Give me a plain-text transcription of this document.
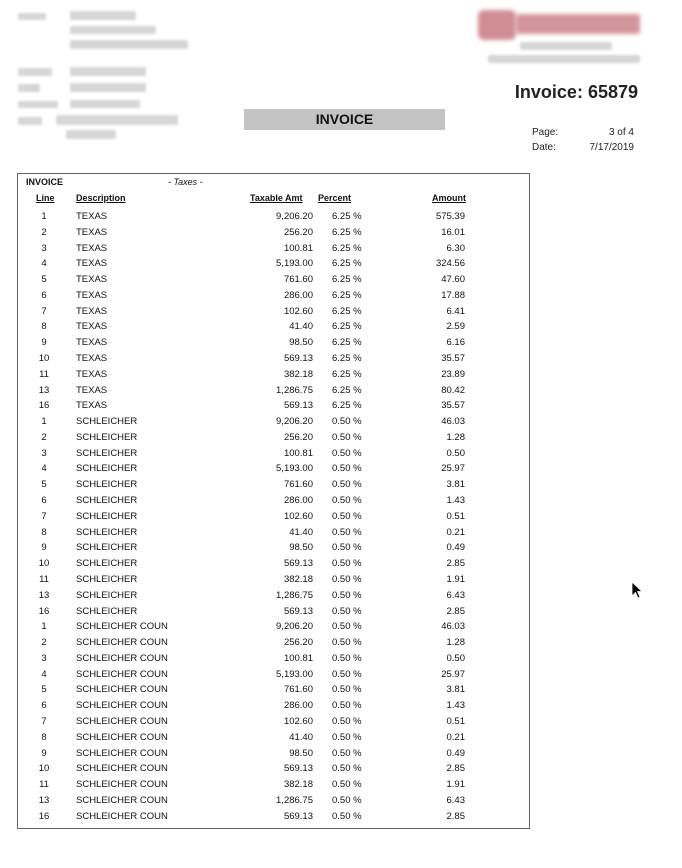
Invoice: 65879
INVOICE
Page:	3 of 4
Date:	7/17/2019
INVOICE	- Taxes -
Line Description	Taxable Amt Percent	Amount
1	TEXAS	9,206.20 6.25 %	575.39
2	TEXAS	256.20 6.25 %	16.01
3	TEXAS	100.81 6.25 %	6.30
4	TEXAS	5,193.00 6.25 %	324.56
5	TEXAS	761.60 6.25 %	47.60
6	TEXAS	286.00 6.25 %	17.88
7	TEXAS	102.60 6.25 %	6.41
8	TEXAS	41.40 6.25 %	2.59
9	TEXAS	98.50 6.25 %	6.16
10	TEXAS	569.13 6.25 %	35.57
11	TEXAS	382.18 6.25 %	23.89
13	TEXAS	1,286.75 6.25 %	80.42
16	TEXAS	569.13 6.25 %	35.57
1	SCHLEICHER	9,206.20 0.50 %	46.03
2	SCHLEICHER	256.20 0.50 %	1.28
3	SCHLEICHER	100.81 0.50 %	0.50
4	SCHLEICHER	5,193.00 0.50 %	25.97
5	SCHLEICHER	761.60 0.50 %	3.81
6	SCHLEICHER	286.00 0.50 %	1.43
7	SCHLEICHER	102.60 0.50 %	0.51
8	SCHLEICHER	41.40 0.50 %	0.21
9	SCHLEICHER	98.50 0.50 %	0.49
10	SCHLEICHER	569.13 0.50 %	2.85
11	SCHLEICHER	382.18 0.50 %	1.91
13	SCHLEICHER	1,286.75 0.50 %	6.43
16	SCHLEICHER	569.13 0.50 %	2.85
1	SCHLEICHER COUN	9,206.20 0.50 %	46.03
2	SCHLEICHER COUN	256.20 0.50 %	1.28
3	SCHLEICHER COUN	100.81 0.50 %	0.50
4	SCHLEICHER COUN	5,193.00 0.50 %	25.97
5	SCHLEICHER COUN	761.60 0.50 %	3.81
6	SCHLEICHER COUN	286.00 0.50 %	1.43
7	SCHLEICHER COUN	102.60 0.50 %	0.51
8	SCHLEICHER COUN	41.40 0.50 %	0.21
9	SCHLEICHER COUN	98.50 0.50 %	0.49
10	SCHLEICHER COUN	569.13 0.50 %	2.85
11	SCHLEICHER COUN	382.18 0.50 %	1.91
13	SCHLEICHER COUN	1,286.75 0.50 %	6.43
16	SCHLEICHER COUN	569.13 0.50 %	2.85
